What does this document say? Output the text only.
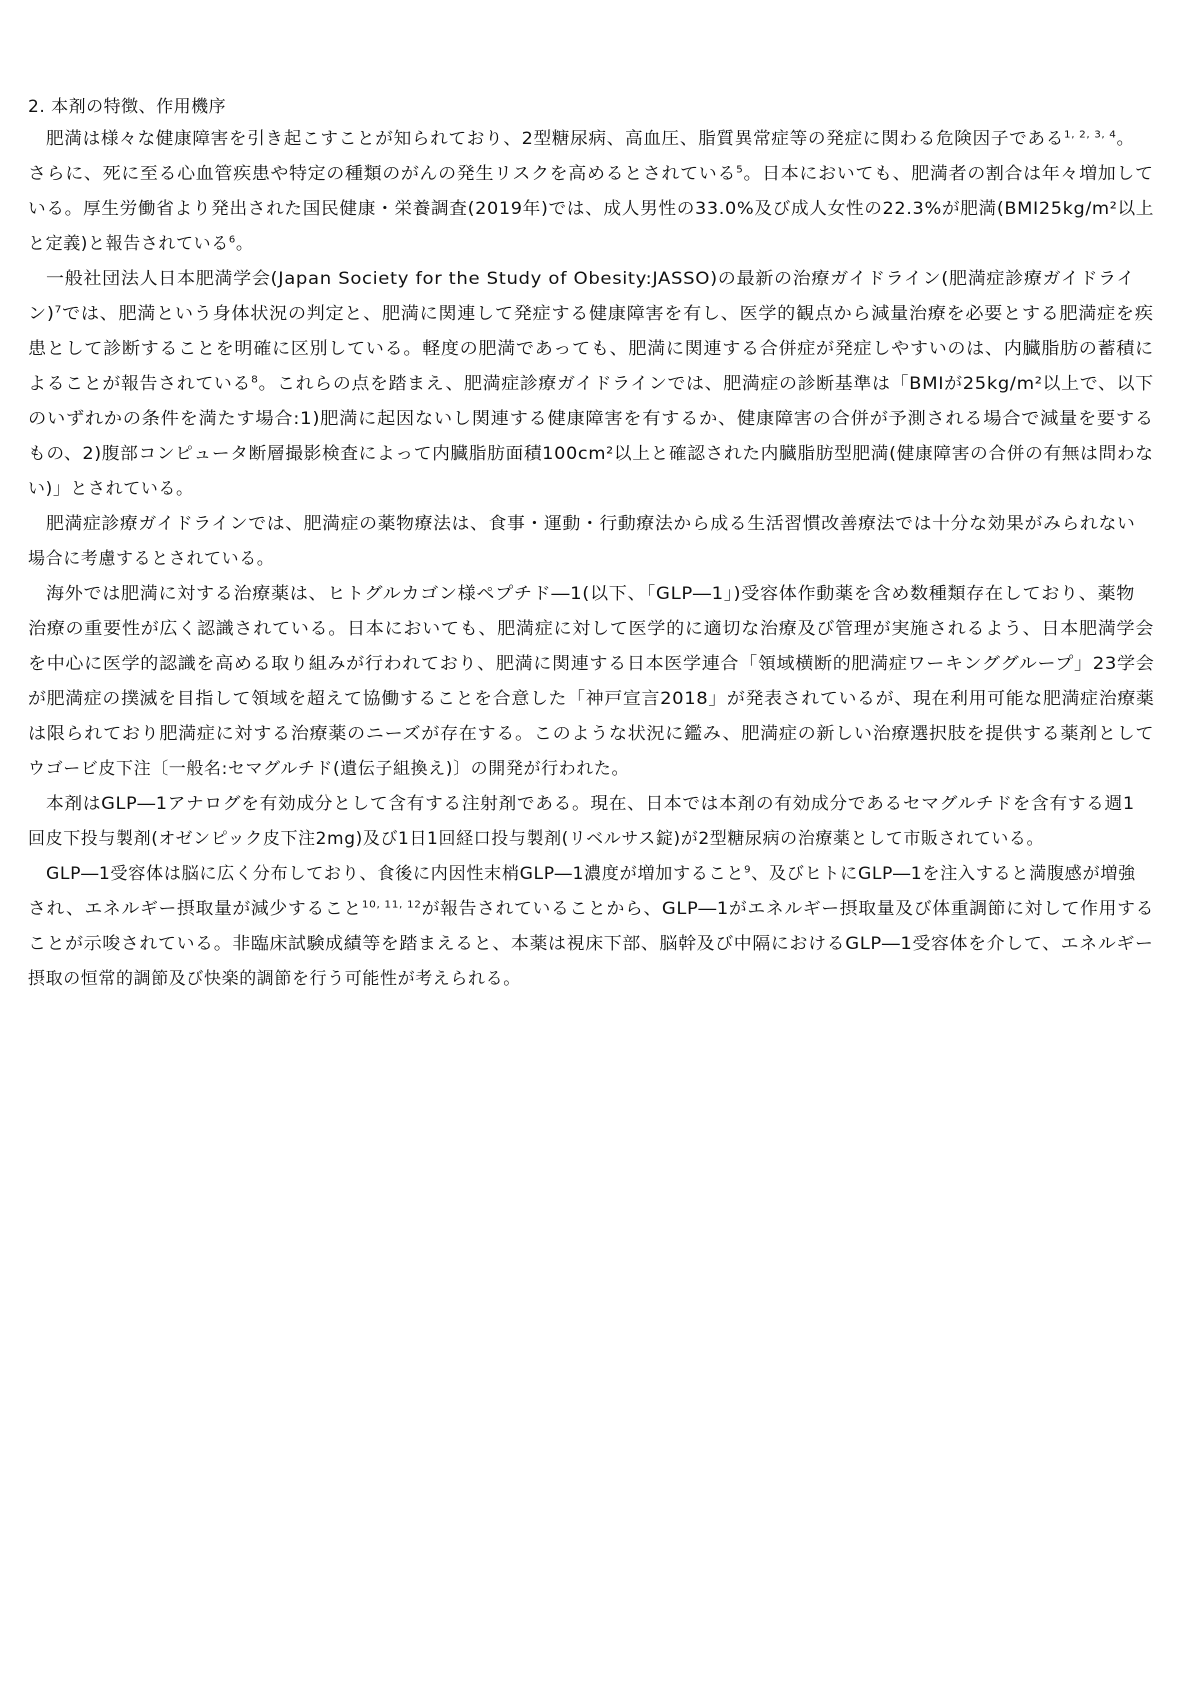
2. 本剤の特徴、作用機序
肥満は様々な健康障害を引き起こすことが知られており、2型糖尿病、高血圧、脂質異常症等の発症に関わる危険因子である$^{1, 2, 3, 4}$。
さらに、死に至る心血管疾患や特定の種類のがんの発生リスクを高めるとされている$^5$。日本においても、肥満者の割合は年々増加して
いる。厚生労働省より発出された国民健康・栄養調査(2019年)では、成人男性の33.0%及び成人女性の22.3%が肥満(BMI25kg/m²以上
と定義)と報告されている$^6$。
一般社団法人日本肥満学会(Japan Society for the Study of Obesity:JASSO)の最新の治療ガイドライン(肥満症診療ガイドライ
ン)$^7$では、肥満という身体状況の判定と、肥満に関連して発症する健康障害を有し、医学的観点から減量治療を必要とする肥満症を疾
患として診断することを明確に区別している。軽度の肥満であっても、肥満に関連する合併症が発症しやすいのは、内臓脂肪の蓄積に
よることが報告されている$^8$。これらの点を踏まえ、肥満症診療ガイドラインでは、肥満症の診断基準は「BMIが25kg/m²以上で、以下
のいずれかの条件を満たす場合:1)肥満に起因ないし関連する健康障害を有するか、健康障害の合併が予測される場合で減量を要する
もの、2)腹部コンピュータ断層撮影検査によって内臓脂肪面積100cm²以上と確認された内臓脂肪型肥満(健康障害の合併の有無は問わな
い)」とされている。
肥満症診療ガイドラインでは、肥満症の薬物療法は、食事・運動・行動療法から成る生活習慣改善療法では十分な効果がみられない
場合に考慮するとされている。
海外では肥満に対する治療薬は、ヒトグルカゴン様ペプチド―1(以下、「GLP―1」)受容体作動薬を含め数種類存在しており、薬物
治療の重要性が広く認識されている。日本においても、肥満症に対して医学的に適切な治療及び管理が実施されるよう、日本肥満学会
を中心に医学的認識を高める取り組みが行われており、肥満に関連する日本医学連合「領域横断的肥満症ワーキンググループ」23学会
が肥満症の撲滅を目指して領域を超えて協働することを合意した「神戸宣言2018」が発表されているが、現在利用可能な肥満症治療薬
は限られており肥満症に対する治療薬のニーズが存在する。このような状況に鑑み、肥満症の新しい治療選択肢を提供する薬剤として
ウゴービ皮下注〔一般名:セマグルチド(遺伝子組換え)〕の開発が行われた。
本剤はGLP―1アナログを有効成分として含有する注射剤である。現在、日本では本剤の有効成分であるセマグルチドを含有する週1
回皮下投与製剤(オゼンピック皮下注2mg)及び1日1回経口投与製剤(リベルサス錠)が2型糖尿病の治療薬として市販されている。
GLP―1受容体は脳に広く分布しており、食後に内因性末梢GLP―1濃度が増加すること$^9$、及びヒトにGLP―1を注入すると満腹感が増強
され、エネルギー摂取量が減少すること$^{10, 11, 12}$が報告されていることから、GLP―1がエネルギー摂取量及び体重調節に対して作用する
ことが示唆されている。非臨床試験成績等を踏まえると、本薬は視床下部、脳幹及び中隔におけるGLP―1受容体を介して、エネルギー
摂取の恒常的調節及び快楽的調節を行う可能性が考えられる。
